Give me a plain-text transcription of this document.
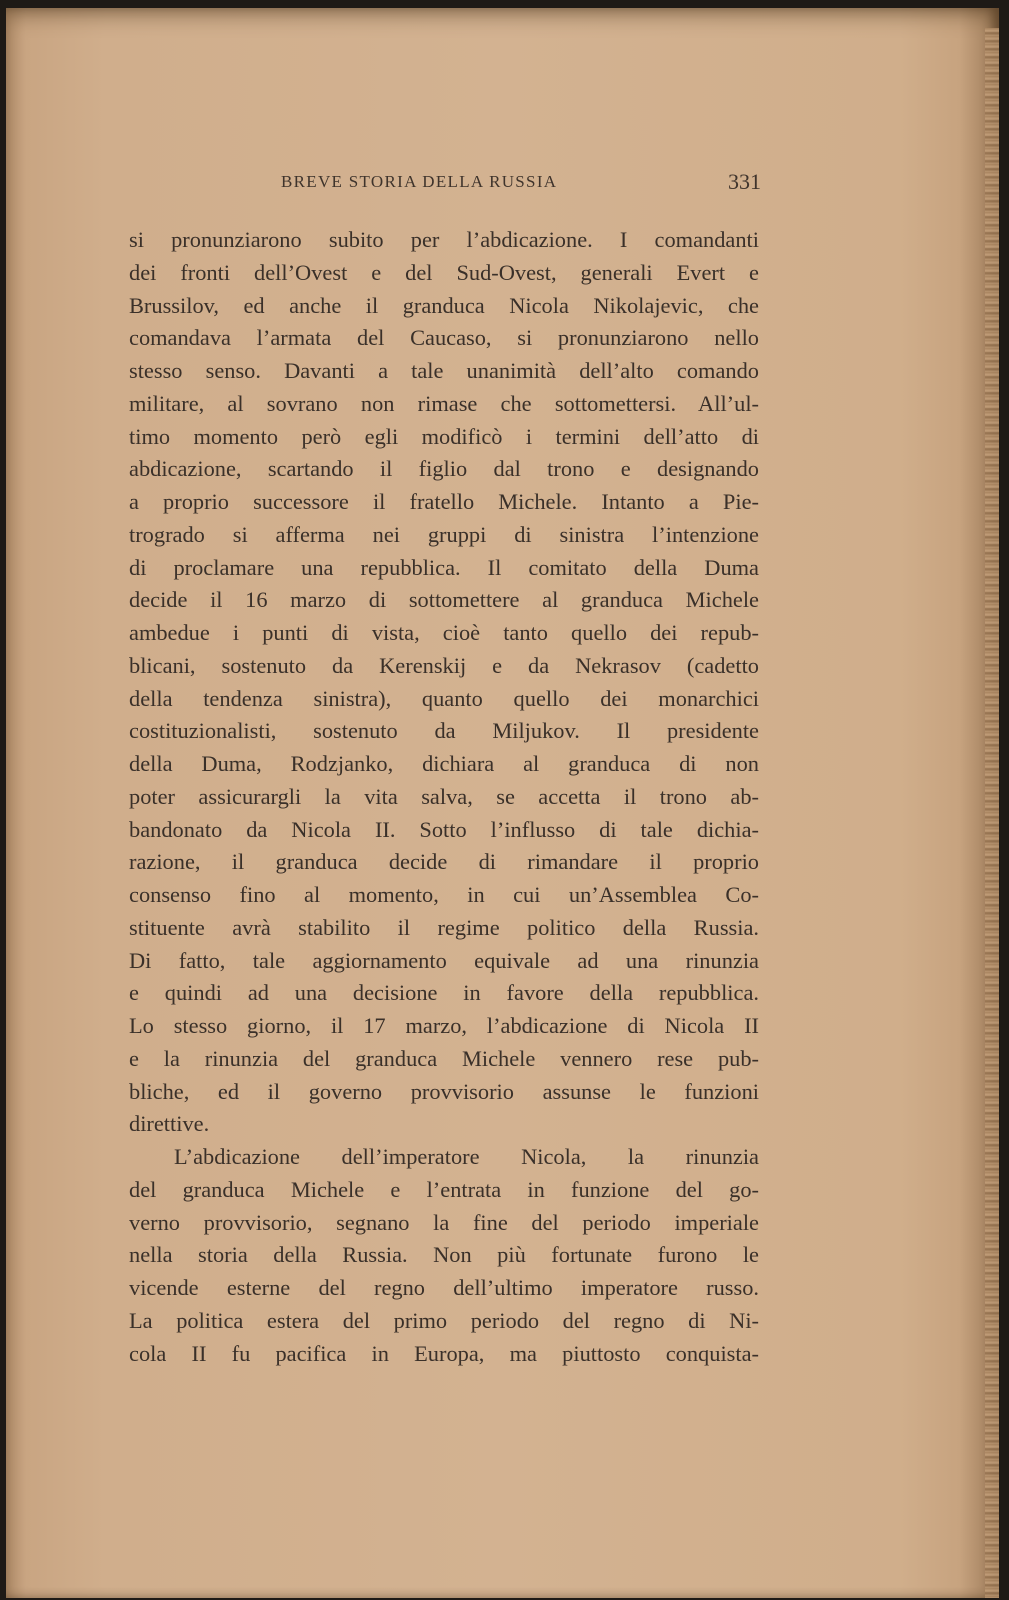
BREVE STORIA DELLA RUSSIA	331
si pronunziarono subito per l’abdicazione. I comandanti
dei fronti dell’Ovest e del Sud-Ovest, generali Evert e
Brussilov, ed anche il granduca Nicola Nikolajevic, che
comandava l’armata del Caucaso, si pronunziarono nello
stesso senso. Davanti a tale unanimità dell’alto comando
militare, al sovrano non rimase che sottomettersi. All’ul-
timo momento però egli modificò i termini dell’atto di
abdicazione, scartando il figlio dal trono e designando
a proprio successore il fratello Michele. Intanto a Pie-
trogrado si afferma nei gruppi di sinistra l’intenzione
di proclamare una repubblica. Il comitato della Duma
decide il 16 marzo di sottomettere al granduca Michele
ambedue i punti di vista, cioè tanto quello dei repub-
blicani, sostenuto da Kerenskij e da Nekrasov (cadetto
della tendenza sinistra), quanto quello dei monarchici
costituzionalisti, sostenuto da Miljukov. Il presidente
della Duma, Rodzjanko, dichiara al granduca di non
poter assicurargli la vita salva, se accetta il trono ab-
bandonato da Nicola II. Sotto l’influsso di tale dichia-
razione, il granduca decide di rimandare il proprio
consenso fino al momento, in cui un’Assemblea Co-
stituente avrà stabilito il regime politico della Russia.
Di fatto, tale aggiornamento equivale ad una rinunzia
e quindi ad una decisione in favore della repubblica.
Lo stesso giorno, il 17 marzo, l’abdicazione di Nicola II
e la rinunzia del granduca Michele vennero rese pub-
bliche, ed il governo provvisorio assunse le funzioni
direttive.
L’abdicazione dell’imperatore Nicola, la rinunzia
del granduca Michele e l’entrata in funzione del go-
verno provvisorio, segnano la fine del periodo imperiale
nella storia della Russia. Non più fortunate furono le
vicende esterne del regno dell’ultimo imperatore russo.
La politica estera del primo periodo del regno di Ni-
cola II fu pacifica in Europa, ma piuttosto conquista-
